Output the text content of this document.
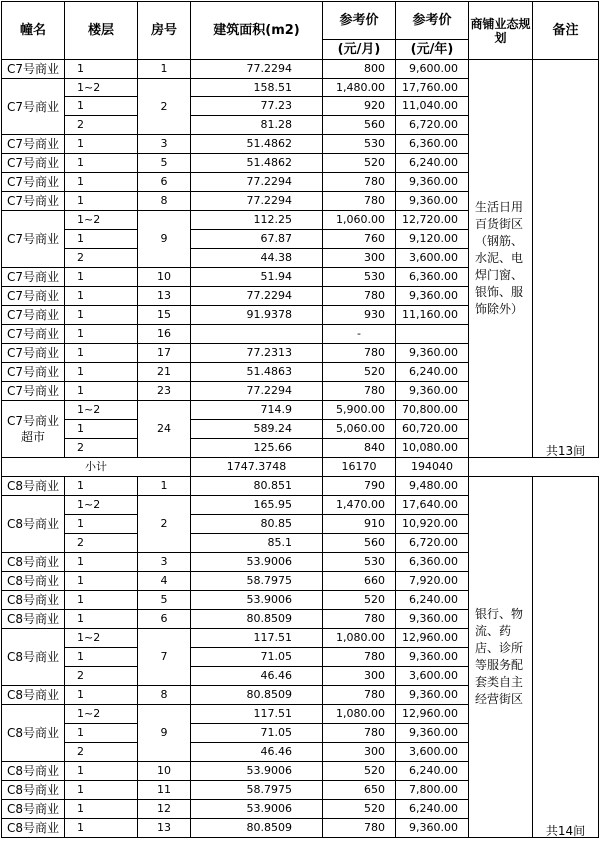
幢名	楼层	房号	建筑面积(m2)	参考价	参考价	商铺业态规划	备注
				(元/月)	(元/年)		
C7号商业	1	1	77.2294	800	9,600.00	生活日用百货街区（钢筋、水泥、电焊门窗、银饰、服饰除外）	共13间
C7号商业	1~2	2	158.51	1,480.00	17,760.00		
	1		77.23	920	11,040.00		
	2		81.28	560	6,720.00		
C7号商业	1	3	51.4862	530	6,360.00		
C7号商业	1	5	51.4862	520	6,240.00		
C7号商业	1	6	77.2294	780	9,360.00		
C7号商业	1	8	77.2294	780	9,360.00		
C7号商业	1~2	9	112.25	1,060.00	12,720.00		
	1		67.87	760	9,120.00		
	2		44.38	300	3,600.00		
C7号商业	1	10	51.94	530	6,360.00		
C7号商业	1	13	77.2294	780	9,360.00		
C7号商业	1	15	91.9378	930	11,160.00		
C7号商业	1	16		-			
C7号商业	1	17	77.2313	780	9,360.00		
C7号商业	1	21	51.4863	520	6,240.00		
C7号商业	1	23	77.2294	780	9,360.00		
C7号商业超市	1~2	24	714.9	5,900.00	70,800.00		
	1		589.24	5,060.00	60,720.00		
	2		125.66	840	10,080.00		
小计			1747.3748	16170	194040		
C8号商业	1	1	80.851	790	9,480.00	银行、物流、药店、诊所等服务配套类自主经营街区	共14间
C8号商业	1~2	2	165.95	1,470.00	17,640.00		
	1		80.85	910	10,920.00		
	2		85.1	560	6,720.00		
C8号商业	1	3	53.9006	530	6,360.00		
C8号商业	1	4	58.7975	660	7,920.00		
C8号商业	1	5	53.9006	520	6,240.00		
C8号商业	1	6	80.8509	780	9,360.00		
C8号商业	1~2	7	117.51	1,080.00	12,960.00		
	1		71.05	780	9,360.00		
	2		46.46	300	3,600.00		
C8号商业	1	8	80.8509	780	9,360.00		
C8号商业	1~2	9	117.51	1,080.00	12,960.00		
	1		71.05	780	9,360.00		
	2		46.46	300	3,600.00		
C8号商业	1	10	53.9006	520	6,240.00		
C8号商业	1	11	58.7975	650	7,800.00		
C8号商业	1	12	53.9006	520	6,240.00		
C8号商业	1	13	80.8509	780	9,360.00		
